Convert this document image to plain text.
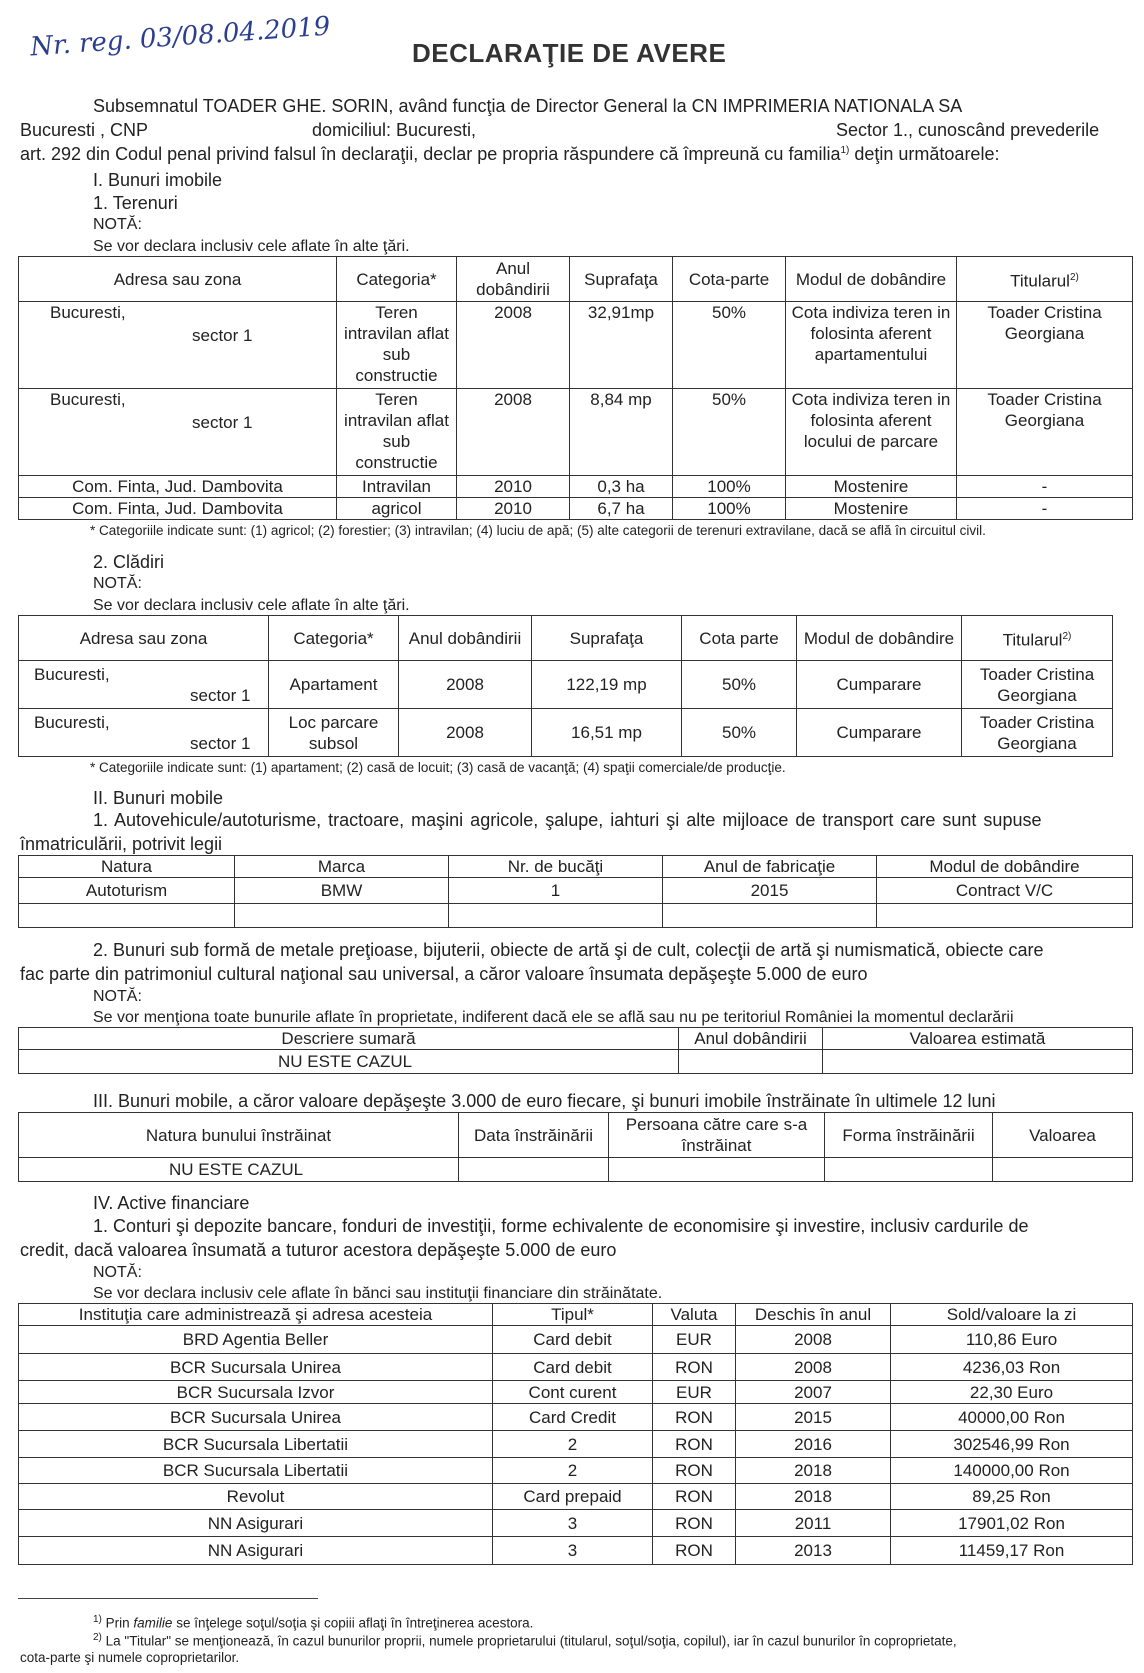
Nr. reg. 03/08.04.2019	DECLARAŢIE DE AVERE
Subsemnatul TOADER GHE. SORIN, având funcţia de Director General la CN IMPRIMERIA NATIONALA SA
Bucuresti , CNP	domiciliul: Bucuresti,	Sector 1., cunoscând prevederile
art. 292 din Codul penal privind falsul în declaraţii, declar pe propria răspundere că împreună cu familia$^{1)}$ deţin următoarele:
I. Bunuri imobile
1. Terenuri
NOTĂ:
Se vor declara inclusiv cele aflate în alte ţări.
Adresa sau zona	Categoria*	Anul dobândirii	Suprafaţa	Cota-parte	Modul de dobândire	Titularul$^{2)}$

Bucuresti,
sector 1	Teren intravilan aflat sub constructie	2008	32,91mp	50%	Cota indiviza teren in folosinta aferent apartamentului	Toader Cristina Georgiana

Bucuresti,
sector 1	Teren intravilan aflat sub constructie	2008	8,84 mp	50%	Cota indiviza teren in folosinta aferent locului de parcare	Toader Cristina Georgiana
Com. Finta, Jud. Dambovita	Intravilan	2010	0,3 ha	100%	Mostenire	-
Com. Finta, Jud. Dambovita	agricol	2010	6,7 ha	100%	Mostenire	-
* Categoriile indicate sunt: (1) agricol; (2) forestier; (3) intravilan; (4) luciu de apă; (5) alte categorii de terenuri extravilane, dacă se află în circuitul civil.
2. Clădiri
NOTĂ:
Se vor declara inclusiv cele aflate în alte ţări.
Adresa sau zona	Categoria*	Anul dobândirii	Suprafaţa	Cota parte	Modul de dobândire	Titularul$^{2)}$

Bucuresti,
sector 1	Apartament	2008	122,19 mp	50%	Cumparare	Toader Cristina Georgiana

Bucuresti,
sector 1	Loc parcare subsol	2008	16,51 mp	50%	Cumparare	Toader Cristina Georgiana
* Categoriile indicate sunt: (1) apartament; (2) casă de locuit; (3) casă de vacanţă; (4) spaţii comerciale/de producţie.
II. Bunuri mobile
1. Autovehicule/autoturisme, tractoare, maşini agricole, şalupe, iahturi şi alte mijloace de transport care sunt supuse
înmatriculării, potrivit legii
Natura	Marca	Nr. de bucăţi	Anul de fabricaţie	Modul de dobândire
Autoturism	BMW	1	2015	Contract V/C

2. Bunuri sub formă de metale preţioase, bijuterii, obiecte de artă şi de cult, colecţii de artă şi numismatică, obiecte care
fac parte din patrimoniul cultural naţional sau universal, a căror valoare însumata depăşeşte 5.000 de euro
NOTĂ:
Se vor menţiona toate bunurile aflate în proprietate, indiferent dacă ele se află sau nu pe teritoriul României la momentul declarării
Descriere sumară	Anul dobândirii	Valoarea estimată
NU ESTE CAZUL		
III. Bunuri mobile, a căror valoare depăşeşte 3.000 de euro fiecare, şi bunuri imobile înstrăinate în ultimele 12 luni
Natura bunului înstrăinat	Data înstrăinării	Persoana către care s-a înstrăinat	Forma înstrăinării	Valoarea
NU ESTE CAZUL				
IV. Active financiare
1. Conturi şi depozite bancare, fonduri de investiţii, forme echivalente de economisire şi investire, inclusiv cardurile de
credit, dacă valoarea însumată a tuturor acestora depăşeşte 5.000 de euro
NOTĂ:
Se vor declara inclusiv cele aflate în bănci sau instituţii financiare din străinătate.
Instituţia care administrează şi adresa acesteia	Tipul*	Valuta	Deschis în anul	Sold/valoare la zi
BRD Agentia Beller	Card debit	EUR	2008	110,86 Euro
BCR Sucursala Unirea	Card debit	RON	2008	4236,03 Ron
BCR Sucursala Izvor	Cont curent	EUR	2007	22,30 Euro
BCR Sucursala Unirea	Card Credit	RON	2015	40000,00 Ron
BCR Sucursala Libertatii	2	RON	2016	302546,99 Ron
BCR Sucursala Libertatii	2	RON	2018	140000,00 Ron
Revolut	Card prepaid	RON	2018	89,25 Ron
NN Asigurari	3	RON	2011	17901,02 Ron
NN Asigurari	3	RON	2013	11459,17 Ron
$^{1)}$ Prin familie se înţelege soţul/soţia şi copiii aflaţi în întreţinerea acestora.
$^{2)}$ La "Titular" se menţionează, în cazul bunurilor proprii, numele proprietarului (titularul, soţul/soţia, copilul), iar în cazul bunurilor în coproprietate,
cota-parte şi numele coproprietarilor.
